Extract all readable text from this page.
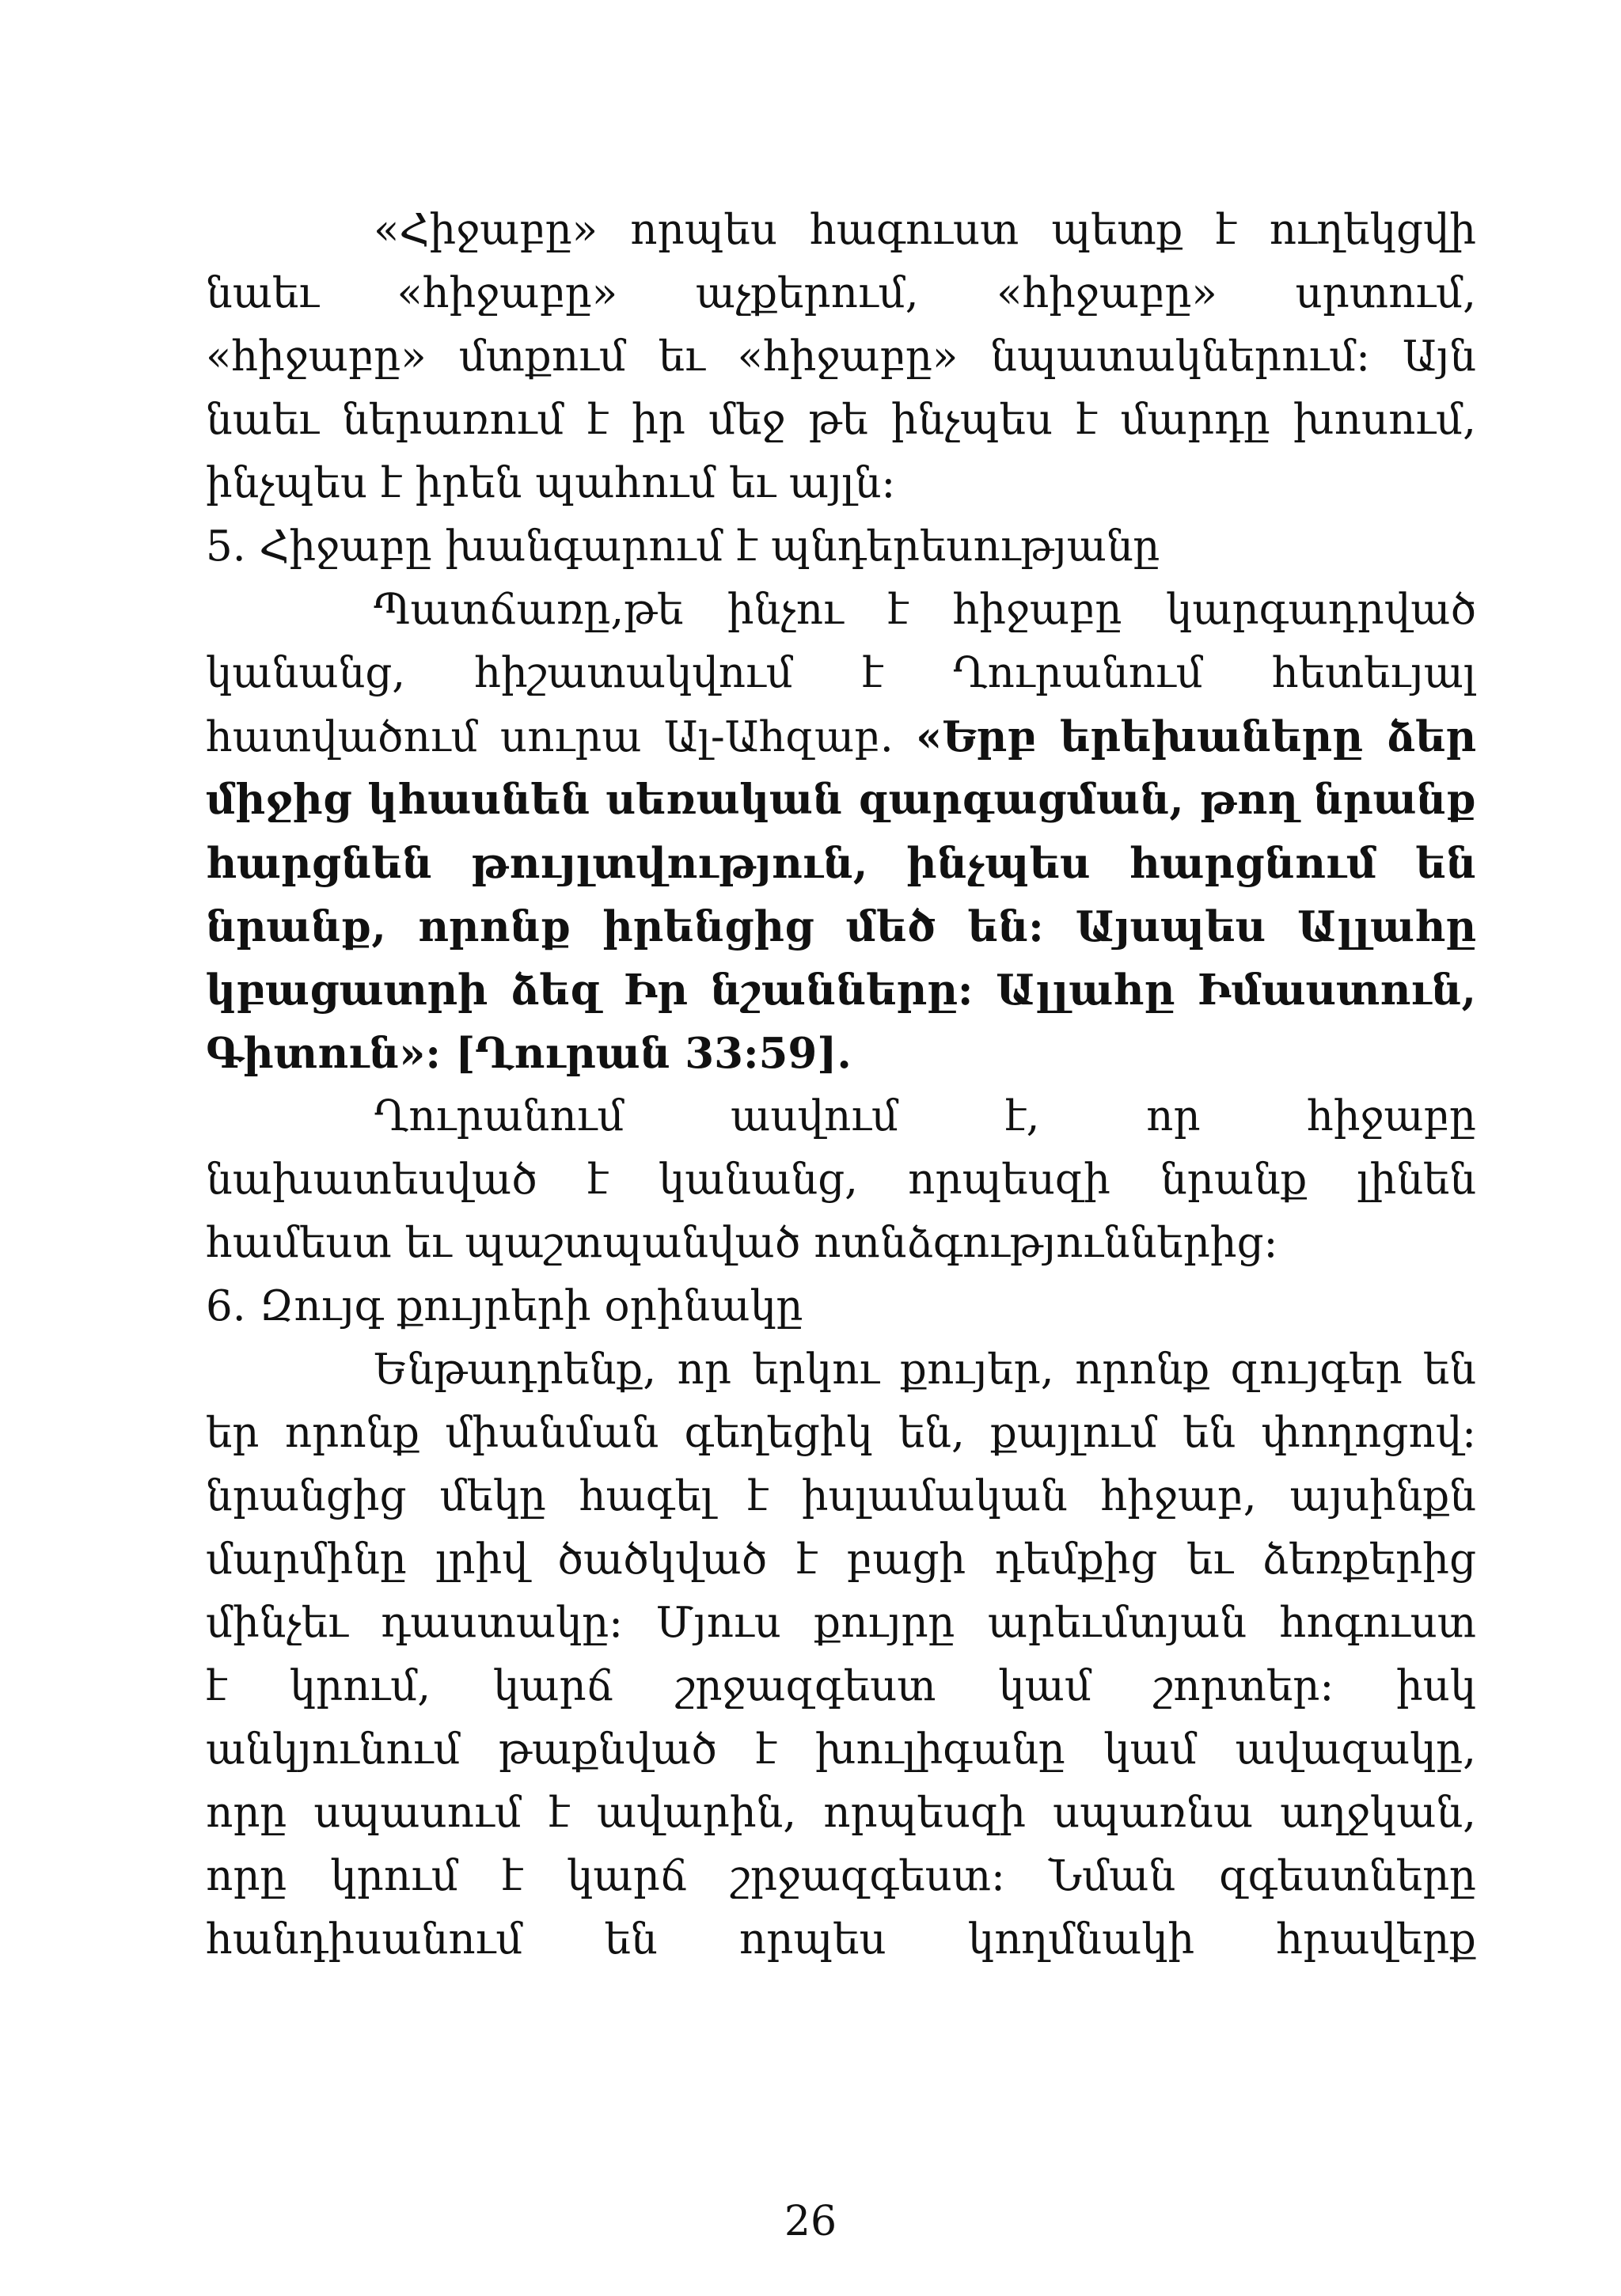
«Հիջաբը» որպես հագուստ պետք է ուղեկցվի
նաեւ «հիջաբը» աչքերում, «հիջաբը» սրտում,
«հիջաբը» մտքում եւ «հիջաբը» նպատակներում: Այն
նաեւ ներառում է իր մեջ թե ինչպես է մարդը խոսում,
ինչպես է իրեն պահում եւ այլն:
5. Հիջաբը խանգարում է պնդերեսությանը
Պատճառը,թե ինչու է հիջաբը կարգադրված
կանանց, հիշատակվում է Ղուրանում հետեւյալ
հատվածում սուրա Ալ-Ահզաբ. «Երբ երեխաները ձեր
միջից կհասնեն սեռական զարգացման, թող նրանք
հարցնեն թույլտվություն, ինչպես հարցնում են
նրանք, որոնք իրենցից մեծ են: Այսպես Ալլահը
կբացատրի ձեզ Իր նշանները: Ալլահը Իմաստուն,
Գիտուն»: [Ղուրան 33:59].
Ղուրանում ասվում է, որ հիջաբը
նախատեսված է կանանց, որպեսզի նրանք լինեն
համեստ եւ պաշտպանված ոտնձգություններից:
6. Զույգ քույրերի օրինակը
Ենթադրենք, որ երկու քույեր, որոնք զույգեր են
եր որոնք միանման գեղեցիկ են, քայլում են փողոցով:
նրանցից մեկը հագել է իսլամական հիջաբ, այսինքն
մարմինը լրիվ ծածկված է բացի դեմքից եւ ձեռքերից
մինչեւ դաստակը: Մյուս քույրը արեւմտյան հոգուստ
է կրում, կարճ շրջազգեստ կամ շորտեր: իսկ
անկյունում թաքնված է խուլիգանը կամ ավազակը,
որը սպասում է ավարին, որպեսզի սպառնա աղջկան,
որը կրում է կարճ շրջազգեստ: Նման զգեստները
հանդիսանում են որպես կողմնակի հրավերք
26
